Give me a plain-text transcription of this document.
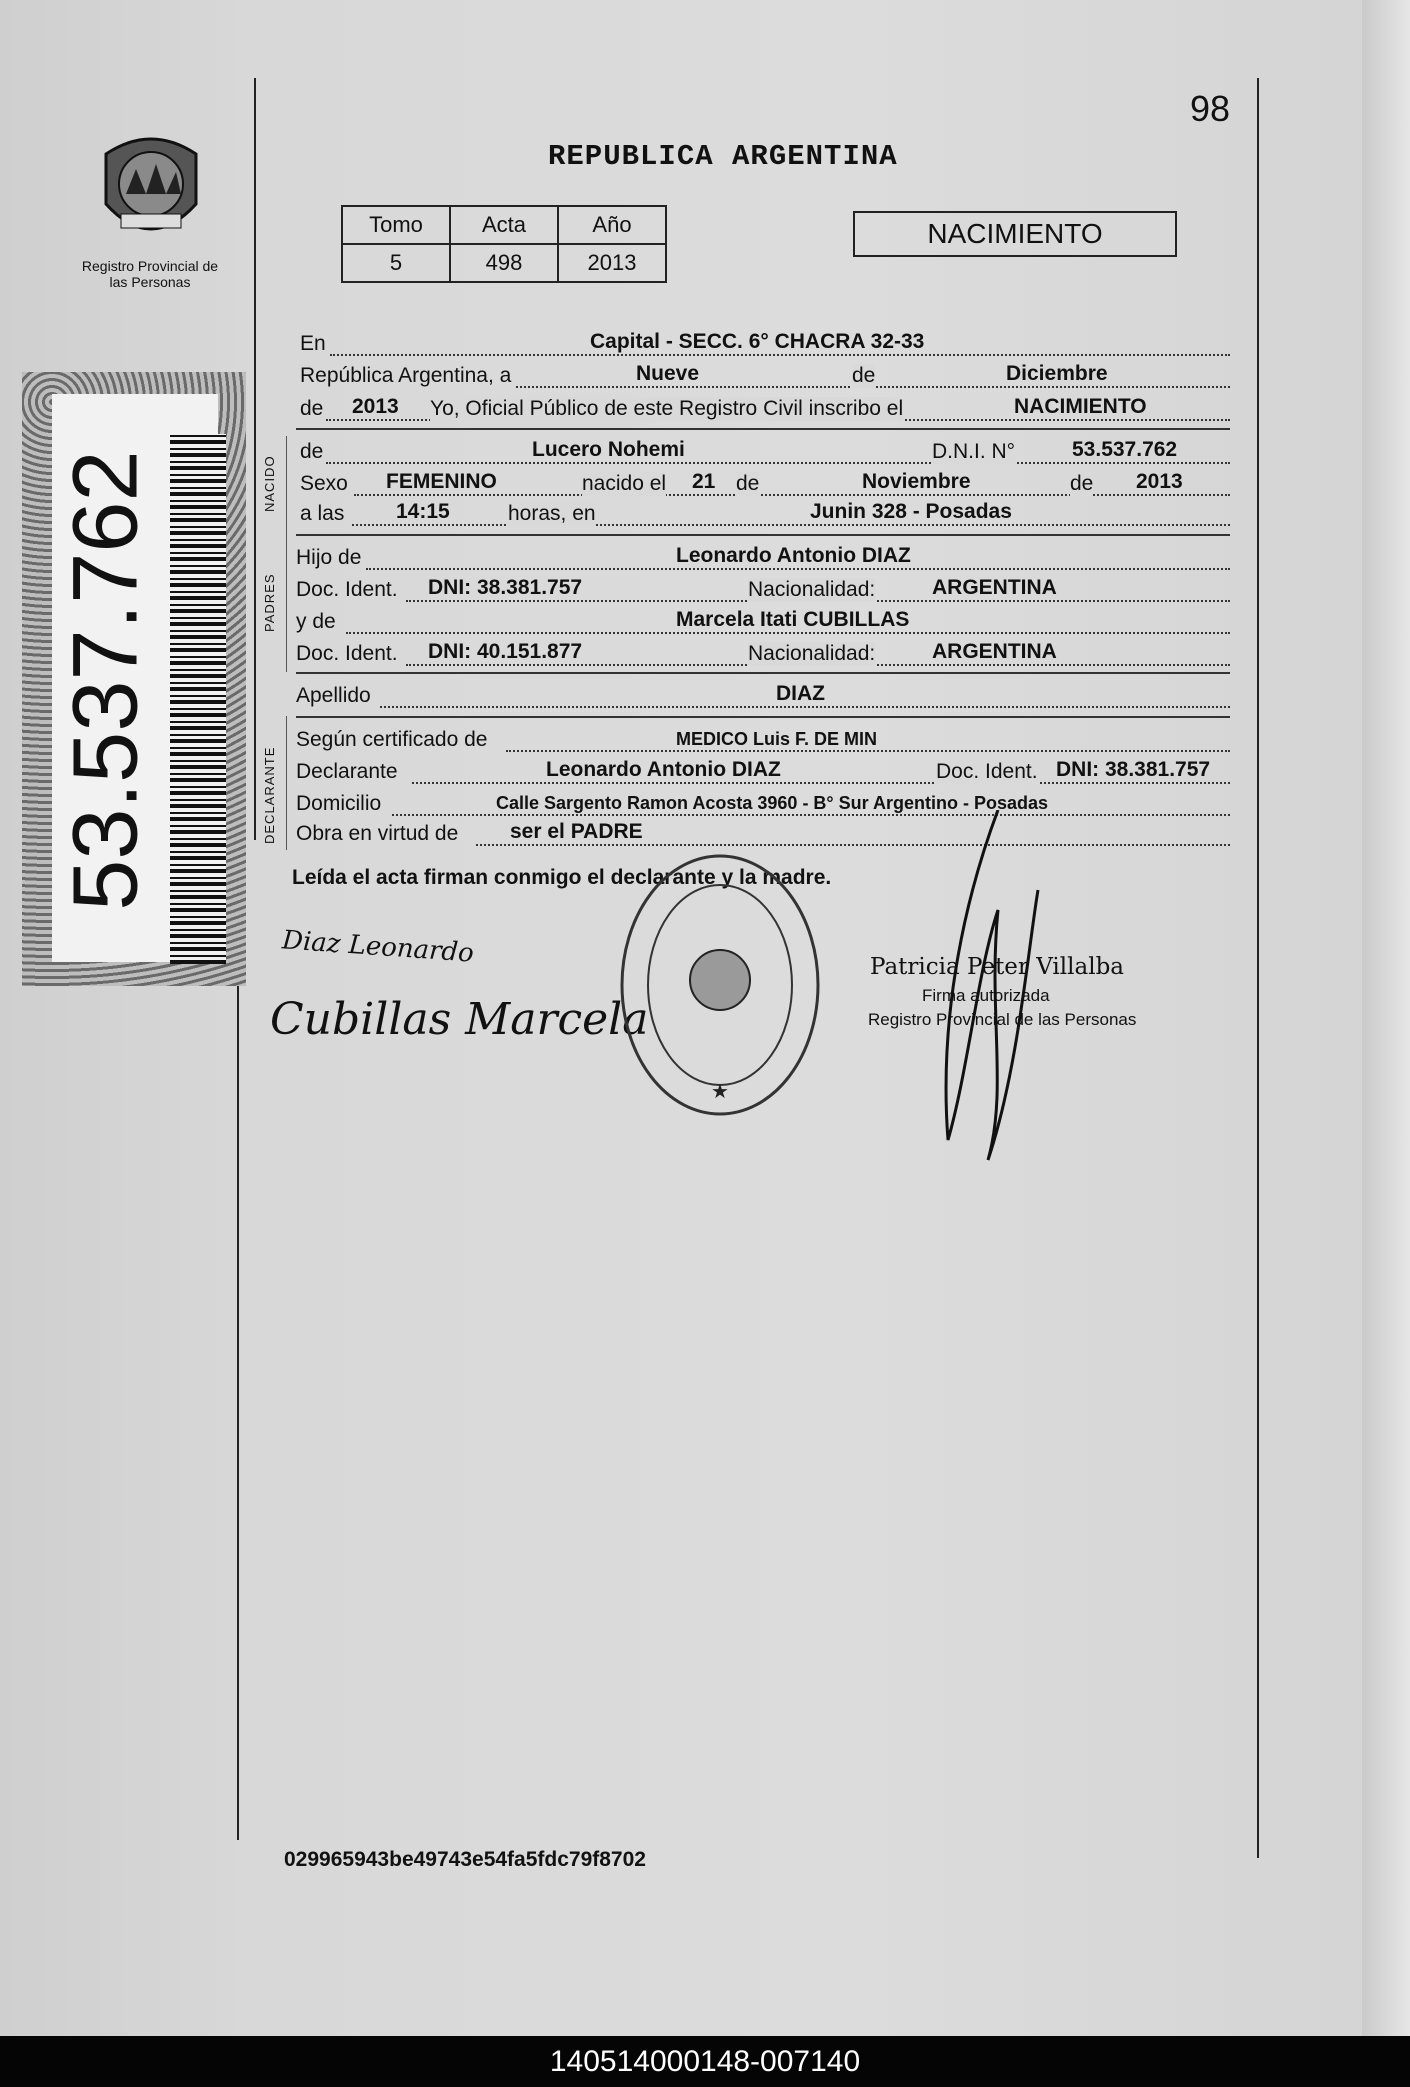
98
REPUBLICA ARGENTINA
Registro Provincial de las Personas
Tomo	Acta	Año
5	498	2013
NACIMIENTO
53.537.762	NACIDO
PADRES
DECLARANTE
En	Capital - SECC. 6° CHACRA 32-33
República Argentina, a	Nueve	de	Diciembre
de 2013 Yo, Oficial Público de este Registro Civil inscribo el	NACIMIENTO
de	Lucero Nohemi	D.N.I. N°	53.537.762
Sexo FEMENINO	nacido el 21 de	Noviembre	de 2013
a las 14:15	horas, en	Junin 328 - Posadas
Hijo de	Leonardo Antonio DIAZ
Doc. Ident. DNI: 38.381.757	Nacionalidad:	ARGENTINA
y de	Marcela Itati CUBILLAS
Doc. Ident. DNI: 40.151.877	Nacionalidad:	ARGENTINA
Apellido	DIAZ
Según certificado de	MEDICO Luis F. DE MIN
Declarante	Leonardo Antonio DIAZ	Doc. Ident. DNI: 38.381.757
Domicilio	Calle Sargento Ramon Acosta 3960 - B° Sur Argentino - Posadas
Obra en virtud de ser el PADRE
Leída el acta firman conmigo el declarante y la madre.
Diaz Leonardo
Cubillas Marcela
★
Patricia Peter Villalba
Firma autorizada
Registro Provincial de las Personas
029965943be49743e54fa5fdc79f8702
140514000148-007140
